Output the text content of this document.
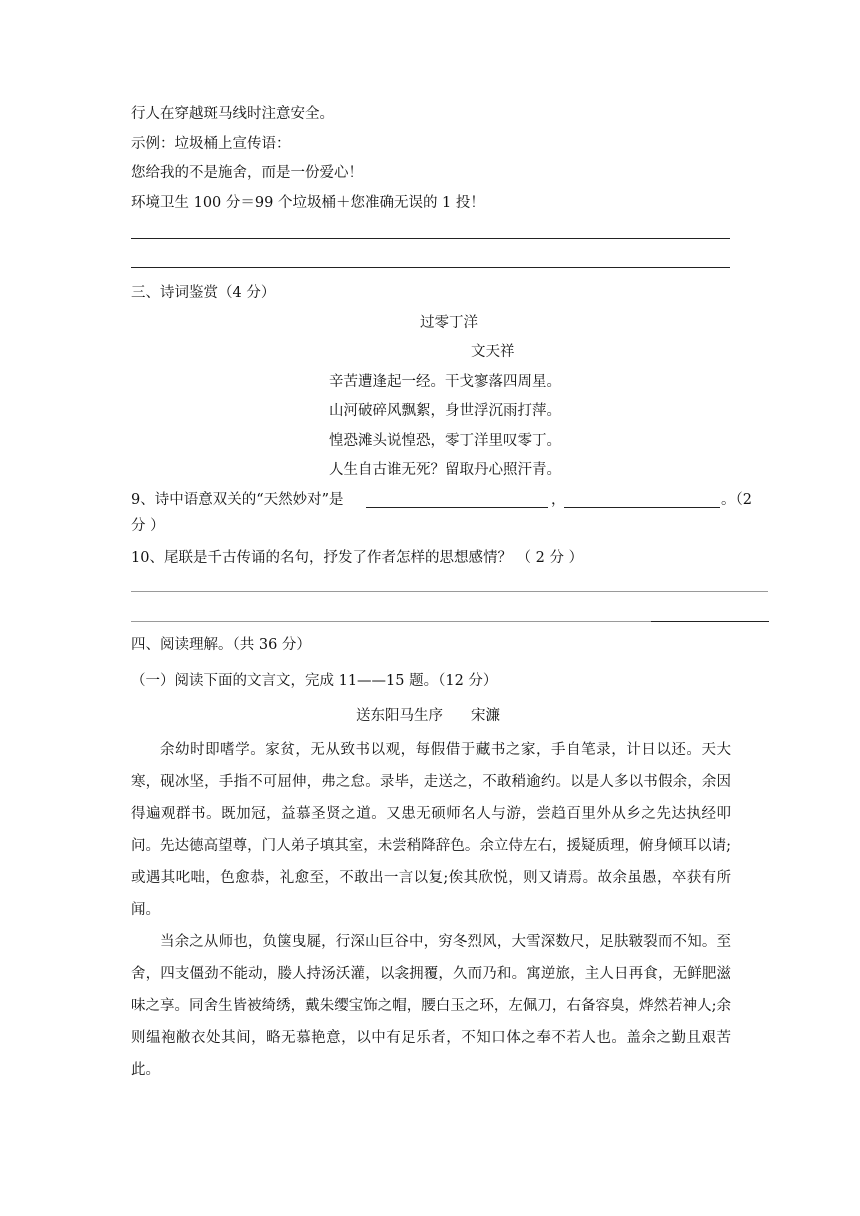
行人在穿越斑马线时注意安全。
示例：垃圾桶上宣传语：
您给我的不是施舍，而是一份爱心！
环境卫生 100 分＝99 个垃圾桶＋您准确无误的 1 投！
三、诗词鉴赏（4 分）
过零丁洋
文天祥
辛苦遭逢起一经。干戈寥落四周星。
山河破碎风飘絮，身世浮沉雨打萍。
惶恐滩头说惶恐，零丁洋里叹零丁。
人生自古谁无死？留取丹心照汗青。
9、诗中语意双关的“天然妙对”是	，	。（2
分 ）
10、尾联是千古传诵的名句，抒发了作者怎样的思想感情？ （ 2 分 ）
四、阅读理解。（共 36 分）
（一）阅读下面的文言文，完成 11——15 题。（12 分）
送东阳马生序 宋濂

余幼时即嗜学。家贫，无从致书以观，每假借于藏书之家，手自笔录，计日以还。天大寒，砚冰坚，手指不可屈伸，弗之怠。录毕，走送之，不敢稍逾约。以是人多以书假余，余因得遍观群书。既加冠，益慕圣贤之道。又患无硕师名人与游，尝趋百里外从乡之先达执经叩问。先达德高望尊，门人弟子填其室，未尝稍降辞色。余立侍左右，援疑质理，俯身倾耳以请;或遇其叱咄，色愈恭，礼愈至，不敢出一言以复;俟其欣悦，则又请焉。故余虽愚，卒获有所闻。

当余之从师也，负箧曳屣，行深山巨谷中，穷冬烈风，大雪深数尺，足肤皲裂而不知。至舍，四支僵劲不能动，媵人持汤沃灌，以衾拥覆，久而乃和。寓逆旅，主人日再食，无鲜肥滋味之享。同舍生皆被绮绣，戴朱缨宝饰之帽，腰白玉之环，左佩刀，右备容臭，烨然若神人;余则缊袍敝衣处其间，略无慕艳意，以中有足乐者，不知口体之奉不若人也。盖余之勤且艰苦此。
